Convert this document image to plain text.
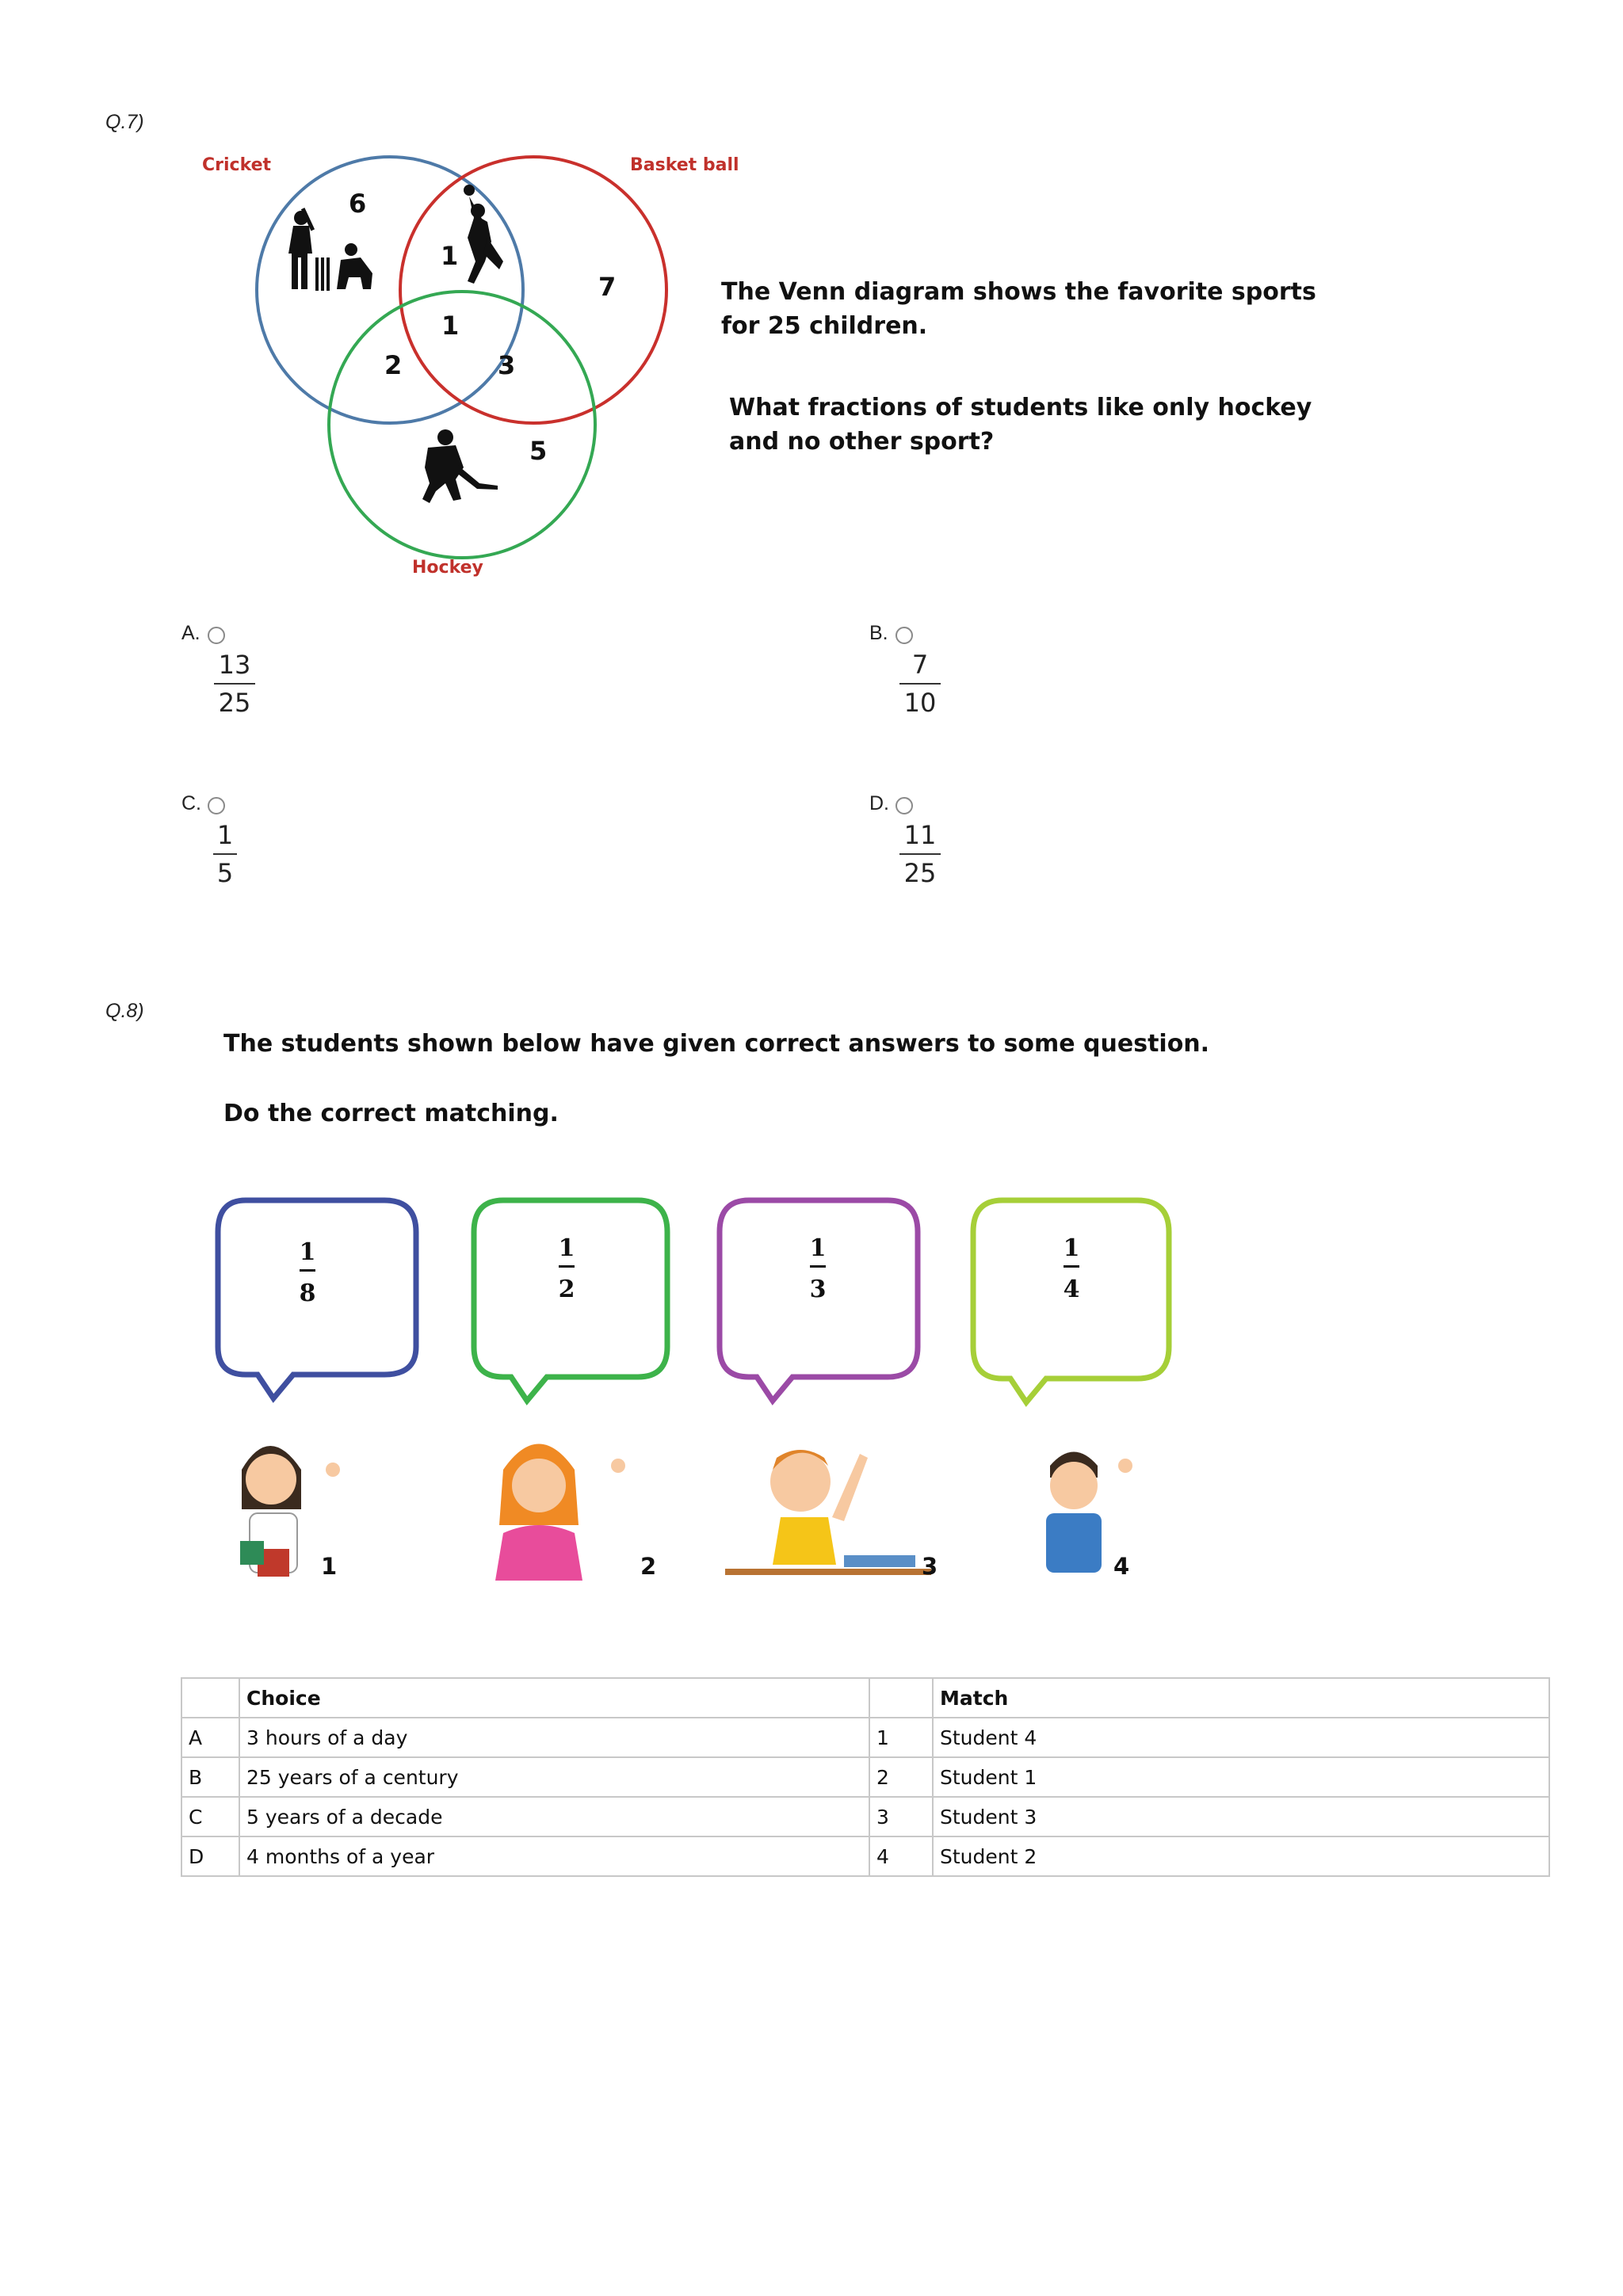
Q.7)
Cricket	Basket ball
Hockey
6
1
1
7
2	3
5
The Venn diagram shows the favorite sports
for 25 children.
What fractions of students like only hockey
and no other sport?
A.
13
25
B.
7
10
C.
1
5
D.
11
25
Q.8)
The students shown below have given correct answers to some question.
Do the correct matching.
1
8
1
2
1
3
1
4
1	2	3	4
	Choice		Match
A	3 hours of a day	1	Student 4
B	25 years of a century	2	Student 1
C	5 years of a decade	3	Student 3
D	4 months of a year	4	Student 2
